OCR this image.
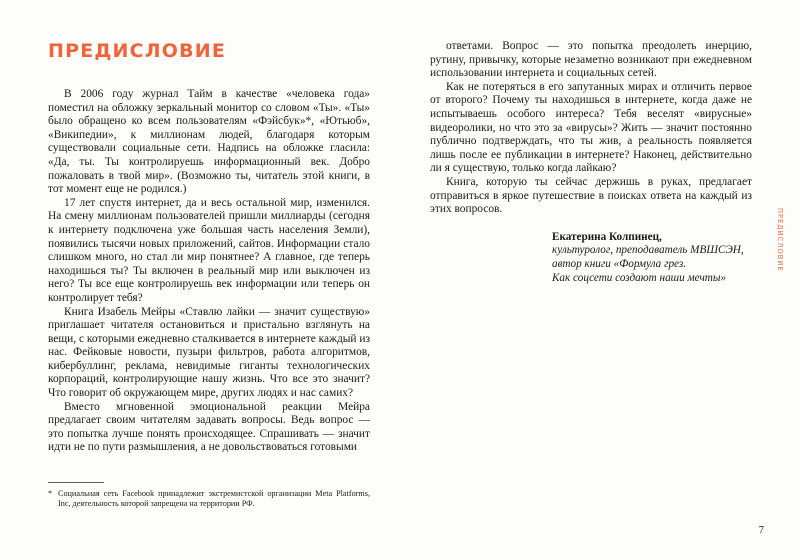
ПРЕДИСЛОВИЕ

В 2006 году журнал Тайм в качестве «человека года» поместил на обложку зеркальный монитор со словом «Ты». «Ты» было обращено ко всем пользователям «Фэйсбук»*, «Ютьюб», «Википедии», к миллионам людей, благодаря которым существовали социальные сети. Надпись на обложке гласила: «Да, ты. Ты контролируешь информационный век. Добро пожаловать в твой мир». (Возможно ты, читатель этой книги, в тот момент еще не родился.)

17 лет спустя интернет, да и весь остальной мир, изменился. На смену миллионам пользователей пришли миллиарды (сегодня к интернету подключена уже большая часть населения Земли), появились тысячи новых приложений, сайтов. Информации стало слишком много, но стал ли мир понятнее? А главное, где теперь находишься ты? Ты включен в реальный мир или выключен из него? Ты все еще контролируешь век информации или теперь он контролирует тебя?

Книга Изабель Мейры «Ставлю лайки — значит существую» приглашает читателя остановиться и пристально взглянуть на вещи, с которыми ежедневно сталкивается в интернете каждый из нас. Фейковые новости, пузыри фильтров, работа алгоритмов, кибербуллинг, реклама, невидимые гиганты технологических корпораций, контролирующие нашу жизнь. Что все это значит? Что говорит об окружающем мире, других людях и нас самих?

Вместо мгновенной эмоциональной реакции Мейра предлагает своим читателям задавать вопросы. Ведь вопрос — это попытка лучше понять происходящее. Спрашивать — значит идти не по пути размышления, а не довольствоваться готовыми

* Социальная сеть Facebook принадлежит экстремистской организации Meta Platforms, Inc, деятельность которой запрещена на территории РФ.

ответами. Вопрос — это попытка преодолеть инерцию, рутину, привычку, которые незаметно возникают при ежедневном использовании интернета и социальных сетей.

Как не потеряться в его запутанных мирах и отличить первое от второго? Почему ты находишься в интернете, когда даже не испытываешь особого интереса? Тебя веселят «вирусные» видеоролики, но что это за «вирусы»? Жить — значит постоянно публично подтверждать, что ты жив, а реальность появляется лишь после ее публикации в интернете? Наконец, действительно ли я существую, только когда лайкаю?

Книга, которую ты сейчас держишь в руках, предлагает отправиться в яркое путешествие в поисках ответа на каждый из этих вопросов.

Екатерина Колпинец,
культуролог, преподаватель МВШСЭН,
автор книги «Формула грез.
Как соцсети создают наши мечты»
ПРЕДИСЛОВИЕ
7
